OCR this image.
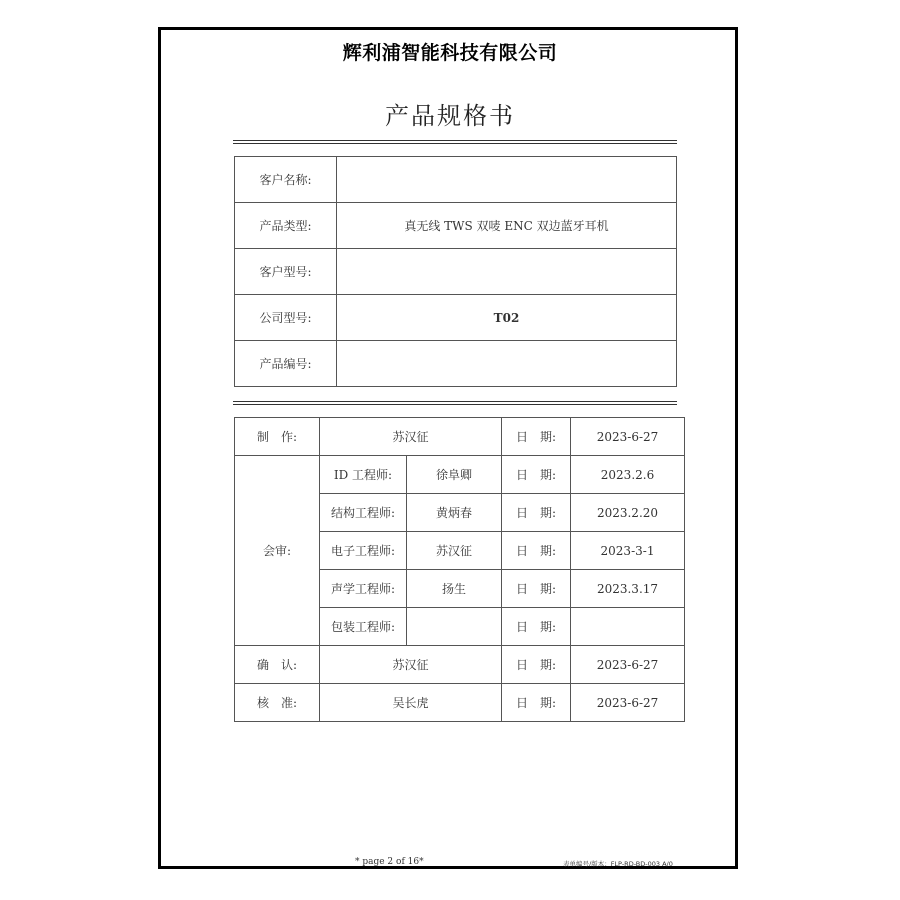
辉利浦智能科技有限公司
产品规格书
客户名称:	
产品类型:	真无线 TWS 双唛 ENC 双边蓝牙耳机
客户型号:	
公司型号:	T02
产品编号:	
制　作:	苏汉征		日　期:	2023-6-27
会审:	ID 工程师:	徐阜卿	日　期:	2023.2.6
	结构工程师:	黄炳春	日　期:	2023.2.20
	电子工程师:	苏汉征	日　期:	2023-3-1
	声学工程师:	扬生	日　期:	2023.3.17
	包装工程师:		日　期:	
确　认:	苏汉征		日　期:	2023-6-27
核　准:	吴长虎		日　期:	2023-6-27
* page 2 of 16*	表单编号/版本：FLP-RD-BD-003 A/0
